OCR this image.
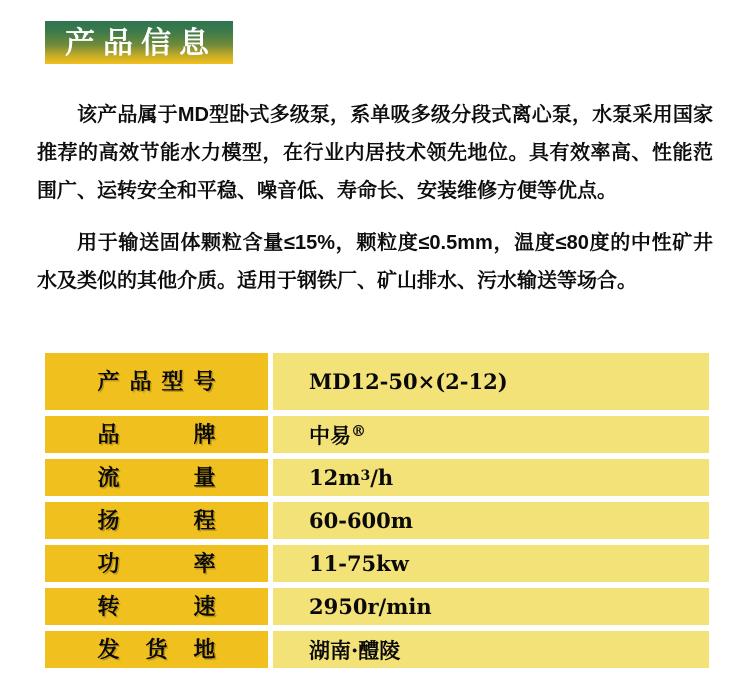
产品信息

该产品属于MD型卧式多级泵，系单吸多级分段式离心泵，水泵采用国家推荐的高效节能水力模型，在行业内居技术领先地位。具有效率高、性能范围广、运转安全和平稳、噪音低、寿命长、安装维修方便等优点。

用于输送固体颗粒含量≤15%，颗粒度≤0.5mm，温度≤80度的中性矿井水及类似的其他介质。适用于钢铁厂、矿山排水、污水输送等场合。

产品型号	MD12-50×(2-12)
品牌	中易®
流量	$12m^3$ /h
扬程	60-600m
功率	11-75kw
转速	2950r/min
发货地	湖南·醴陵
